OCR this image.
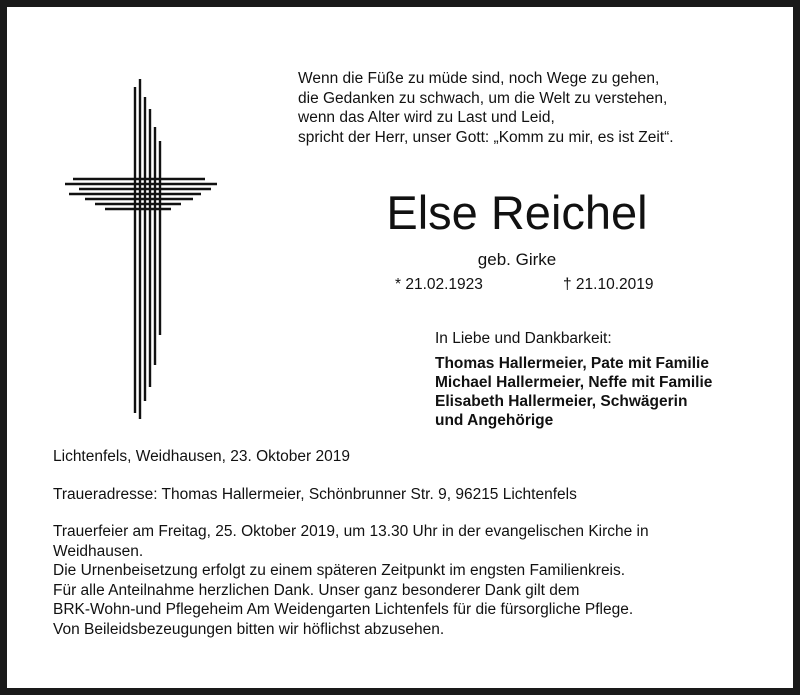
Wenn die Füße zu müde sind, noch Wege zu gehen,
die Gedanken zu schwach, um die Welt zu verstehen,
wenn das Alter wird zu Last und Leid,
spricht der Herr, unser Gott: „Komm zu mir, es ist Zeit“.
Else Reichel
geb. Girke
* 21.02.1923	† 21.10.2019
In Liebe und Dankbarkeit:
Thomas Hallermeier, Pate mit Familie
Michael Hallermeier, Neffe mit Familie
Elisabeth Hallermeier, Schwägerin
und Angehörige
Lichtenfels, Weidhausen, 23. Oktober 2019
Traueradresse: Thomas Hallermeier, Schönbrunner Str. 9, 96215 Lichtenfels
Trauerfeier am Freitag, 25. Oktober 2019, um 13.30 Uhr in der evangelischen Kirche in
Weidhausen.
Die Urnenbeisetzung erfolgt zu einem späteren Zeitpunkt im engsten Familienkreis.
Für alle Anteilnahme herzlichen Dank. Unser ganz besonderer Dank gilt dem
BRK-Wohn-und Pflegeheim Am Weidengarten Lichtenfels für die fürsorgliche Pflege.
Von Beileidsbezeugungen bitten wir höflichst abzusehen.
